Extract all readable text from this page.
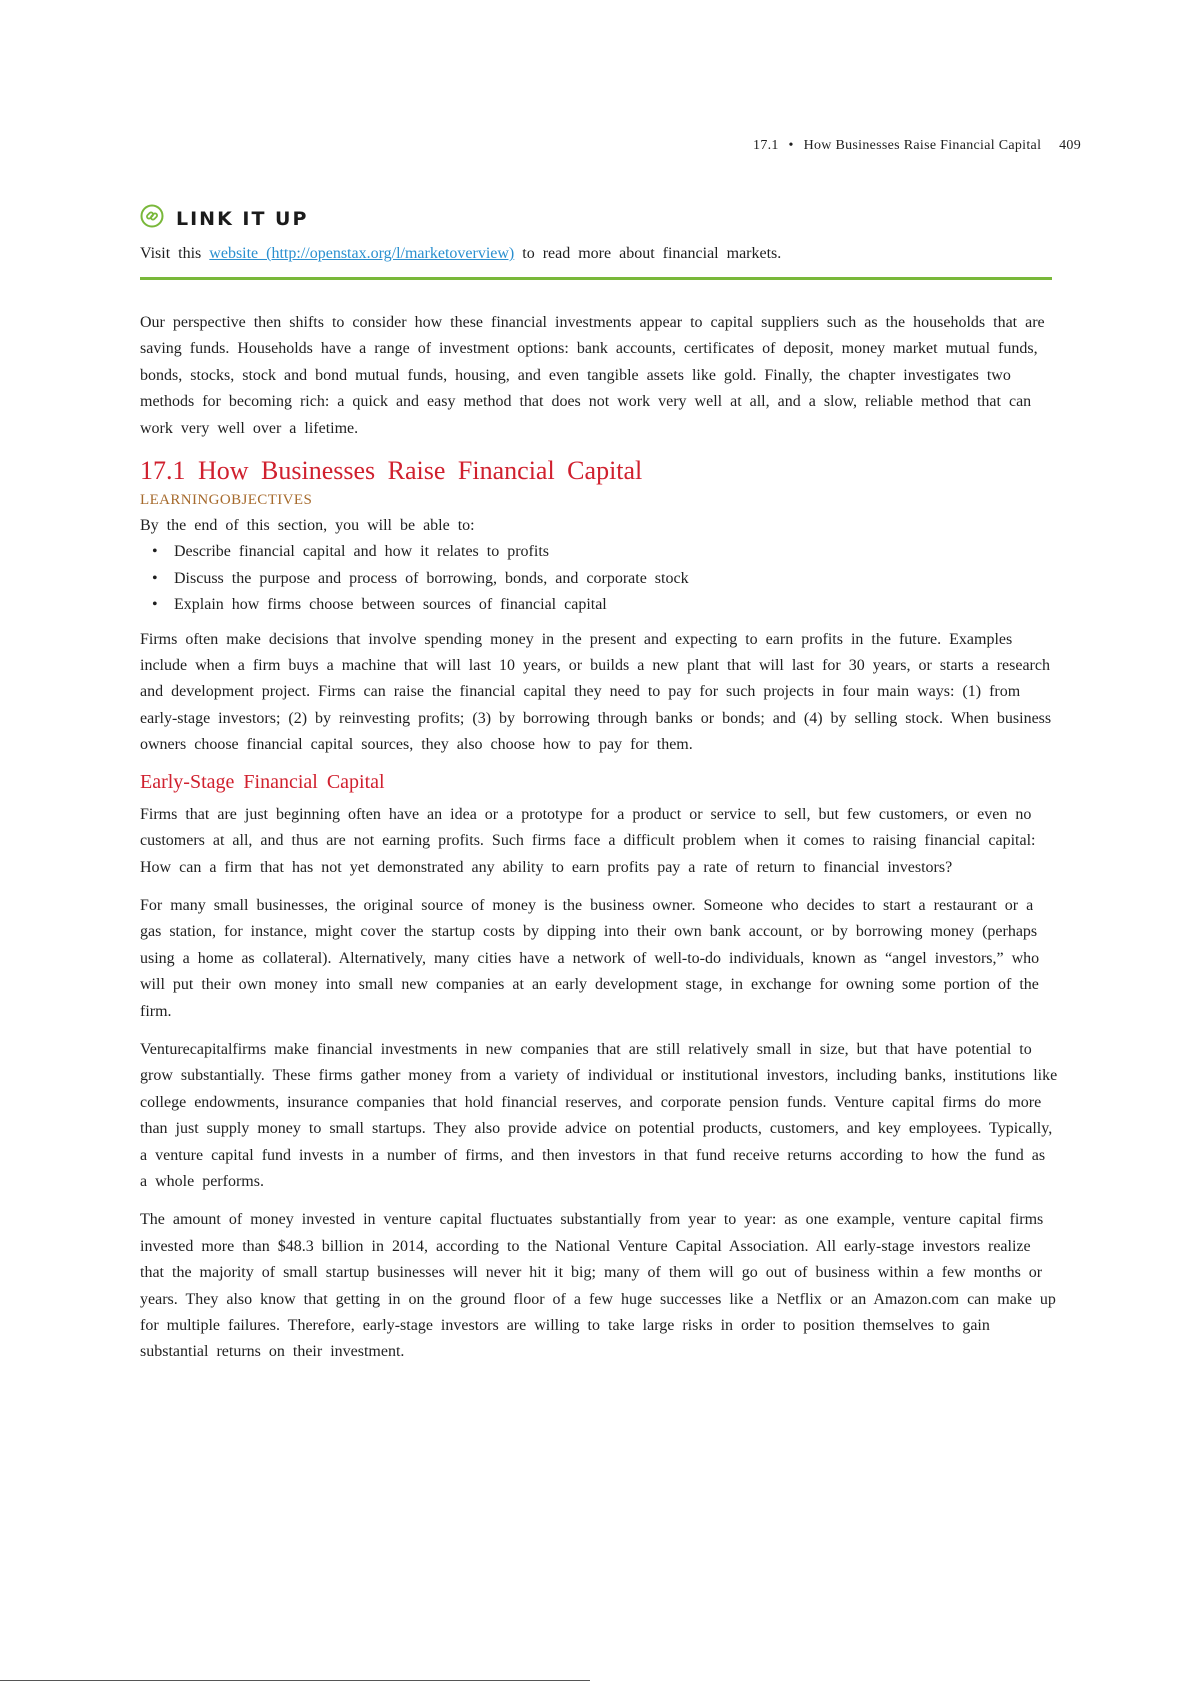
17.1 • How Businesses Raise Financial Capital 409
LINK IT UP
Visit this website (http://openstax.org/l/marketoverview) to read more about financial markets.

Our perspective then shifts to consider how these financial investments appear to capital suppliers such as the households that are saving funds. Households have a range of investment options: bank accounts, certificates of deposit, money market mutual funds, bonds, stocks, stock and bond mutual funds, housing, and even tangible assets like gold. Finally, the chapter investigates two methods for becoming rich: a quick and easy method that does not work very well at all, and a slow, reliable method that can work very well over a lifetime.

17.1 How Businesses Raise Financial Capital
LEARNINGOBJECTIVES

By the end of this section, you will be able to:

• Describe financial capital and how it relates to profits
• Discuss the purpose and process of borrowing, bonds, and corporate stock
• Explain how firms choose between sources of financial capital

Firms often make decisions that involve spending money in the present and expecting to earn profits in the future. Examples include when a firm buys a machine that will last 10 years, or builds a new plant that will last for 30 years, or starts a research and development project. Firms can raise the financial capital they need to pay for such projects in four main ways: (1) from early-stage investors; (2) by reinvesting profits; (3) by borrowing through banks or bonds; and (4) by selling stock. When business owners choose financial capital sources, they also choose how to pay for them.

Early-Stage Financial Capital

Firms that are just beginning often have an idea or a prototype for a product or service to sell, but few customers, or even no customers at all, and thus are not earning profits. Such firms face a difficult problem when it comes to raising financial capital: How can a firm that has not yet demonstrated any ability to earn profits pay a rate of return to financial investors?

For many small businesses, the original source of money is the business owner. Someone who decides to start a restaurant or a gas station, for instance, might cover the startup costs by dipping into their own bank account, or by borrowing money (perhaps using a home as collateral). Alternatively, many cities have a network of well-to-do individuals, known as “angel investors,” who will put their own money into small new companies at an early development stage, in exchange for owning some portion of the firm.

Venturecapitalfirms make financial investments in new companies that are still relatively small in size, but that have potential to grow substantially. These firms gather money from a variety of individual or institutional investors, including banks, institutions like college endowments, insurance companies that hold financial reserves, and corporate pension funds. Venture capital firms do more than just supply money to small startups. They also provide advice on potential products, customers, and key employees. Typically, a venture capital fund invests in a number of firms, and then investors in that fund receive returns according to how the fund as a whole performs.

The amount of money invested in venture capital fluctuates substantially from year to year: as one example, venture capital firms invested more than $48.3 billion in 2014, according to the National Venture Capital Association. All early-stage investors realize that the majority of small startup businesses will never hit it big; many of them will go out of business within a few months or years. They also know that getting in on the ground floor of a few huge successes like a Netflix or an Amazon.com can make up for multiple failures. Therefore, early-stage investors are willing to take large risks in order to position themselves to gain substantial returns on their investment.
